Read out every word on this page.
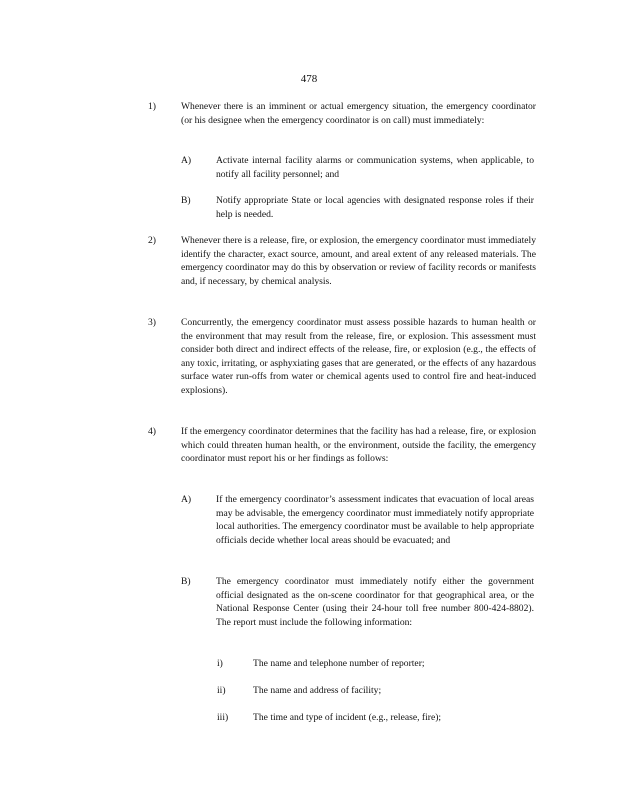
478
1)	Whenever there is an imminent or actual emergency situation, the emergency coordinator (or his designee when the emergency coordinator is on call) must immediately:
A)	Activate internal facility alarms or communication systems, when applicable, to notify all facility personnel; and
B)	Notify appropriate State or local agencies with designated response roles if their help is needed.
2)	Whenever there is a release, fire, or explosion, the emergency coordinator must immediately identify the character, exact source, amount, and areal extent of any released materials. The emergency coordinator may do this by observation or review of facility records or manifests and, if necessary, by chemical analysis.
3)	Concurrently, the emergency coordinator must assess possible hazards to human health or the environment that may result from the release, fire, or explosion. This assessment must consider both direct and indirect effects of the release, fire, or explosion (e.g., the effects of any toxic, irritating, or asphyxiating gases that are generated, or the effects of any hazardous surface water run-offs from water or chemical agents used to control fire and heat-induced explosions).
4)	If the emergency coordinator determines that the facility has had a release, fire, or explosion which could threaten human health, or the environment, outside the facility, the emergency coordinator must report his or her findings as follows:
A)	If the emergency coordinator’s assessment indicates that evacuation of local areas may be advisable, the emergency coordinator must immediately notify appropriate local authorities. The emergency coordinator must be available to help appropriate officials decide whether local areas should be evacuated; and
B)	The emergency coordinator must immediately notify either the government official designated as the on-scene coordinator for that geographical area, or the National Response Center (using their 24-hour toll free number 800-424-8802). The report must include the following information:
i)	The name and telephone number of reporter;
ii)	The name and address of facility;
iii)	The time and type of incident (e.g., release, fire);
